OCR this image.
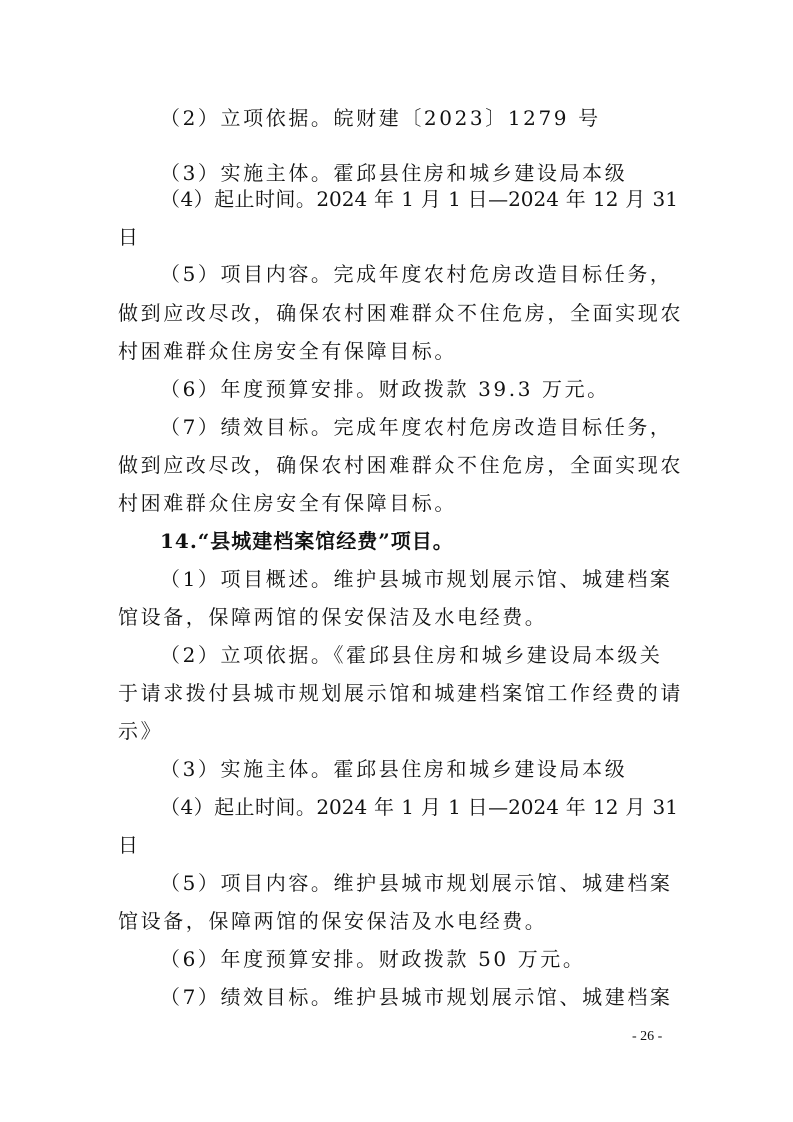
（2）立项依据。皖财建〔2023〕1279 号
（3）实施主体。霍邱县住房和城乡建设局本级
（4）起止时间。2024 年 1 月 1 日—2024 年 12 月 31
日
（5）项目内容。完成年度农村危房改造目标任务，
做到应改尽改，确保农村困难群众不住危房，全面实现农
村困难群众住房安全有保障目标。
（6）年度预算安排。财政拨款 39.3 万元。
（7）绩效目标。完成年度农村危房改造目标任务，
做到应改尽改，确保农村困难群众不住危房，全面实现农
村困难群众住房安全有保障目标。
14.“县城建档案馆经费”项目。
（1）项目概述。维护县城市规划展示馆、城建档案
馆设备，保障两馆的保安保洁及水电经费。
（2）立项依据。《霍邱县住房和城乡建设局本级关
于请求拨付县城市规划展示馆和城建档案馆工作经费的请
示》
（3）实施主体。霍邱县住房和城乡建设局本级
（4）起止时间。2024 年 1 月 1 日—2024 年 12 月 31
日
（5）项目内容。维护县城市规划展示馆、城建档案
馆设备，保障两馆的保安保洁及水电经费。
（6）年度预算安排。财政拨款 50 万元。
（7）绩效目标。维护县城市规划展示馆、城建档案
- 26 -
